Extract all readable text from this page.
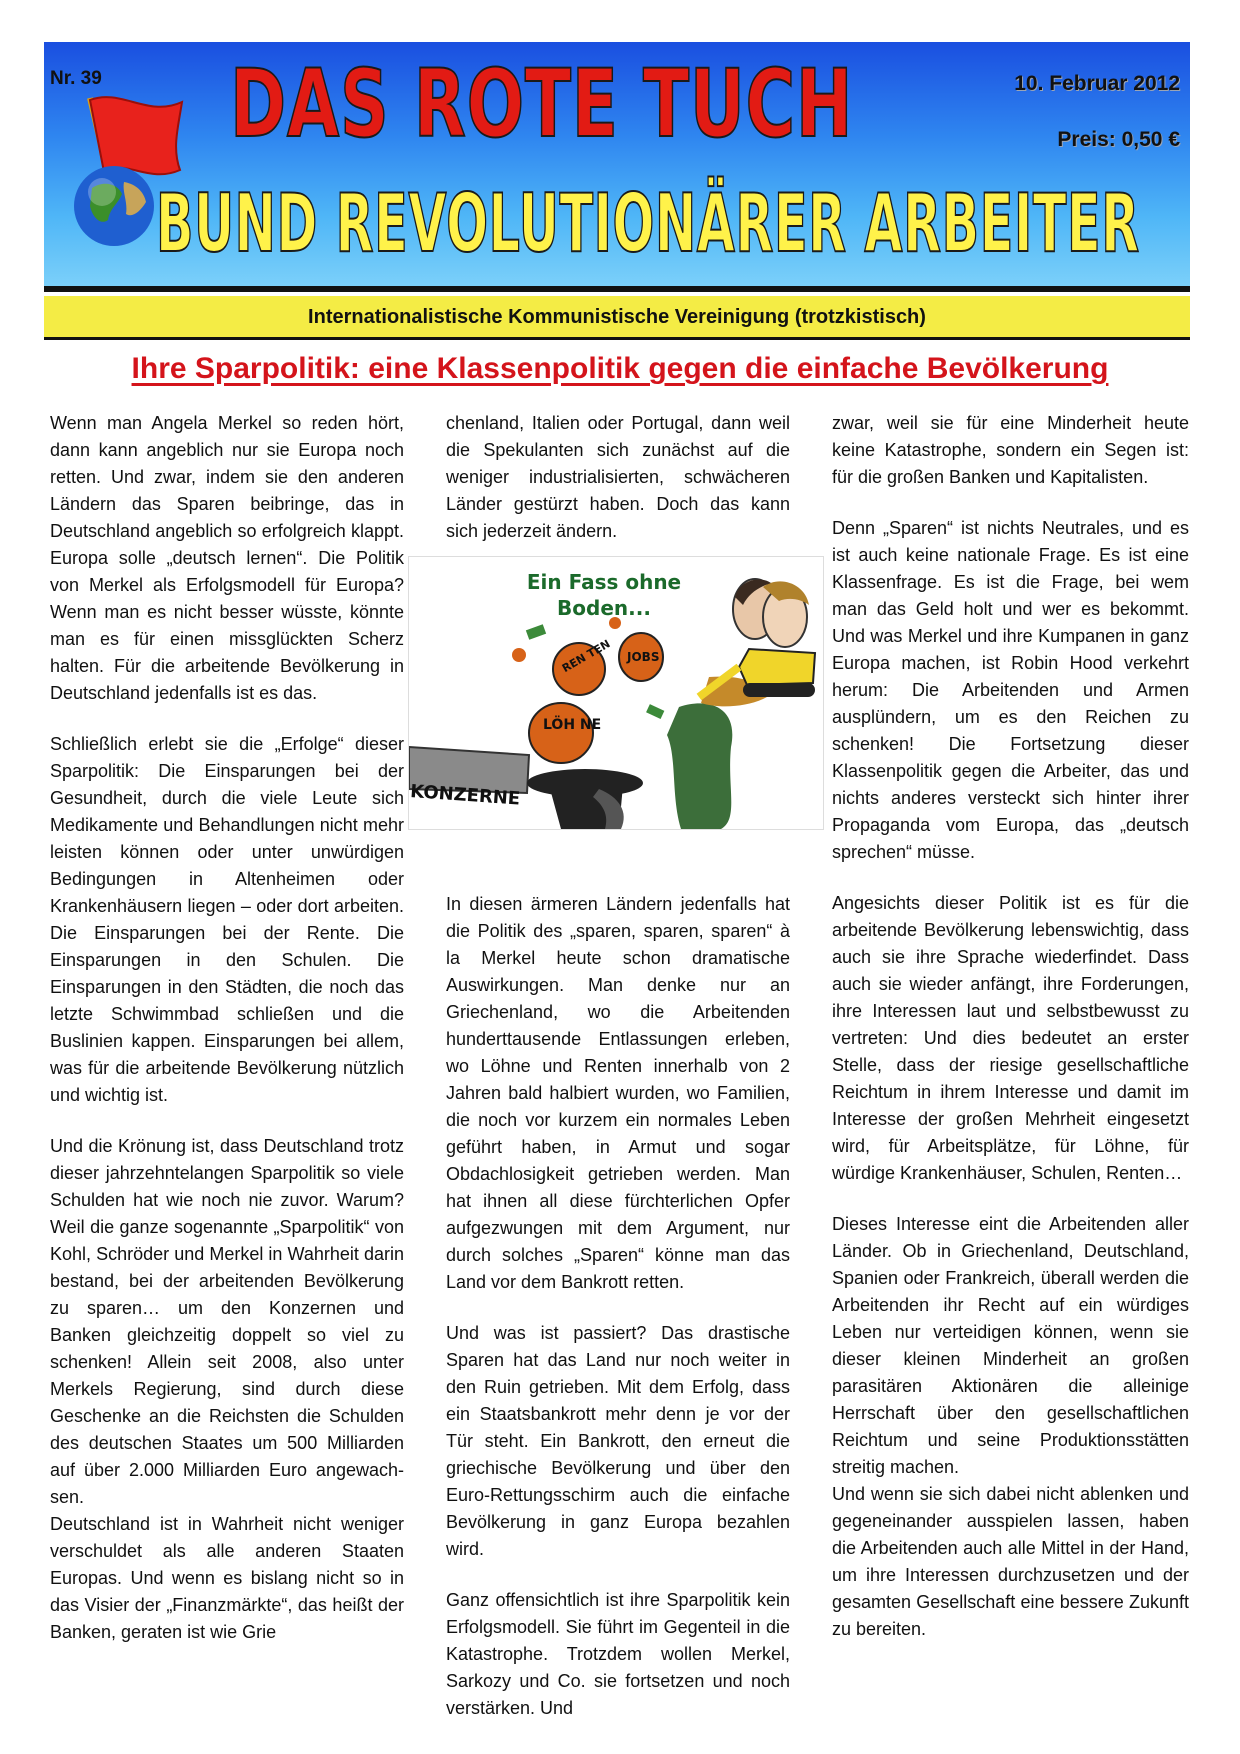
Nr. 39 DAS ROTE TUCH
BUND REVOLUTIONÄRER ARBEITER
10. Februar 2012
Preis: 0,50 €
Internationalistische Kommunistische Vereinigung (trotzkistisch)
Ihre Sparpolitik: eine Klassenpolitik gegen die einfache Bevölkerung

Wenn man Angela Merkel so reden hört, dann kann angeblich nur sie Europa noch retten. Und zwar, indem sie den anderen Ländern das Sparen beibringe, das in Deutschland angeblich so erfolgreich klappt. Europa solle „deutsch lernen“. Die Politik von Merkel als Erfolgsmodell für Europa? Wenn man es nicht besser wüsste, könnte man es für einen missglückten Scherz halten. Für die arbeitende Bevölkerung in Deutschland jedenfalls ist es das.

Schließlich erlebt sie die „Erfolge“ dieser Sparpolitik: Die Einsparungen bei der Gesundheit, durch die viele Leute sich Medikamente und Behandlungen nicht mehr leisten können oder unter unwürdigen Bedingungen in Altenheimen oder Krankenhäusern liegen – oder dort arbeiten. Die Einsparungen bei der Rente. Die Einsparungen in den Schulen. Die Einsparungen in den Städten, die noch das letzte Schwimmbad schließen und die Buslinien kappen. Einsparungen bei allem, was für die arbeitende Bevölkerung nützlich und wichtig ist.

Und die Krönung ist, dass Deutschland trotz dieser jahrzehntelangen Sparpolitik so viele Schulden hat wie noch nie zuvor. Warum? Weil die ganze sogenannte „Sparpolitik“ von Kohl, Schröder und Merkel in Wahrheit darin bestand, bei der arbeitenden Bevölkerung zu sparen… um den Konzernen und Banken gleichzeitig doppelt so viel zu schenken! Allein seit 2008, also unter Merkels Regierung, sind durch diese Geschenke an die Reichsten die Schulden des deutschen Staates um 500 Milliarden auf über 2.000 Milliarden Euro angewachsen.

Deutschland ist in Wahrheit nicht weniger verschuldet als alle anderen Staaten Europas. Und wenn es bislang nicht so in das Visier der „Finanzmärkte“, das heißt der Banken, geraten ist wie Grie

chenland, Italien oder Portugal, dann weil die Spekulanten sich zunächst auf die weniger industrialisierten, schwächeren Länder gestürzt haben. Doch das kann sich jederzeit ändern.

In diesen ärmeren Ländern jedenfalls hat die Politik des „sparen, sparen, sparen“ à la Merkel heute schon dramatische Auswirkungen. Man denke nur an Griechenland, wo die Arbeitenden hunderttausende Entlassungen erleben, wo Löhne und Renten innerhalb von 2 Jahren bald halbiert wurden, wo Familien, die noch vor kurzem ein normales Leben geführt haben, in Armut und sogar Obdachlosigkeit getrieben werden. Man hat ihnen all diese fürchterlichen Opfer aufgezwungen mit dem Argument, nur durch solches „Sparen“ könne man das Land vor dem Bankrott retten.

Und was ist passiert? Das drastische Sparen hat das Land nur noch weiter in den Ruin getrieben. Mit dem Erfolg, dass ein Staatsbankrott mehr denn je vor der Tür steht. Ein Bankrott, den erneut die griechische Bevölkerung und über den Euro-Rettungsschirm auch die einfache Bevölkerung in ganz Europa bezahlen wird.

Ganz offensichtlich ist ihre Sparpolitik kein Erfolgsmodell. Sie führt im Gegenteil in die Katastrophe. Trotzdem wollen Merkel, Sarkozy und Co. sie fortsetzen und noch verstärken. Und

REN TEN JOBS
LÖH NE
Ein Fass ohne
Boden...
KONZERNE

zwar, weil sie für eine Minderheit heute keine Katastrophe, sondern ein Segen ist: für die großen Banken und Kapitalisten.

Denn „Sparen“ ist nichts Neutrales, und es ist auch keine nationale Frage. Es ist eine Klassenfrage. Es ist die Frage, bei wem man das Geld holt und wer es bekommt. Und was Merkel und ihre Kumpanen in ganz Europa machen, ist Robin Hood verkehrt herum: Die Arbeitenden und Armen ausplündern, um es den Reichen zu schenken! Die Fortsetzung dieser Klassenpolitik gegen die Arbeiter, das und nichts anderes versteckt sich hinter ihrer Propaganda vom Europa, das „deutsch sprechen“ müsse.

Angesichts dieser Politik ist es für die arbeitende Bevölkerung lebenswichtig, dass auch sie ihre Sprache wiederfindet. Dass auch sie wieder anfängt, ihre Forderungen, ihre Interessen laut und selbstbewusst zu vertreten: Und dies bedeutet an erster Stelle, dass der riesige gesellschaftliche Reichtum in ihrem Interesse und damit im Interesse der großen Mehrheit eingesetzt wird, für Arbeitsplätze, für Löhne, für würdige Krankenhäuser, Schulen, Renten…

Dieses Interesse eint die Arbeitenden aller Länder. Ob in Griechenland, Deutschland, Spanien oder Frankreich, überall werden die Arbeitenden ihr Recht auf ein würdiges Leben nur verteidigen können, wenn sie dieser kleinen Minderheit an großen parasitären Aktionären die alleinige Herrschaft über den gesellschaftlichen Reichtum und seine Produktionsstätten streitig machen.

Und wenn sie sich dabei nicht ablenken und gegeneinander ausspielen lassen, haben die Arbeitenden auch alle Mittel in der Hand, um ihre Interessen durchzusetzen und der gesamten Gesellschaft eine bessere Zukunft zu bereiten.
